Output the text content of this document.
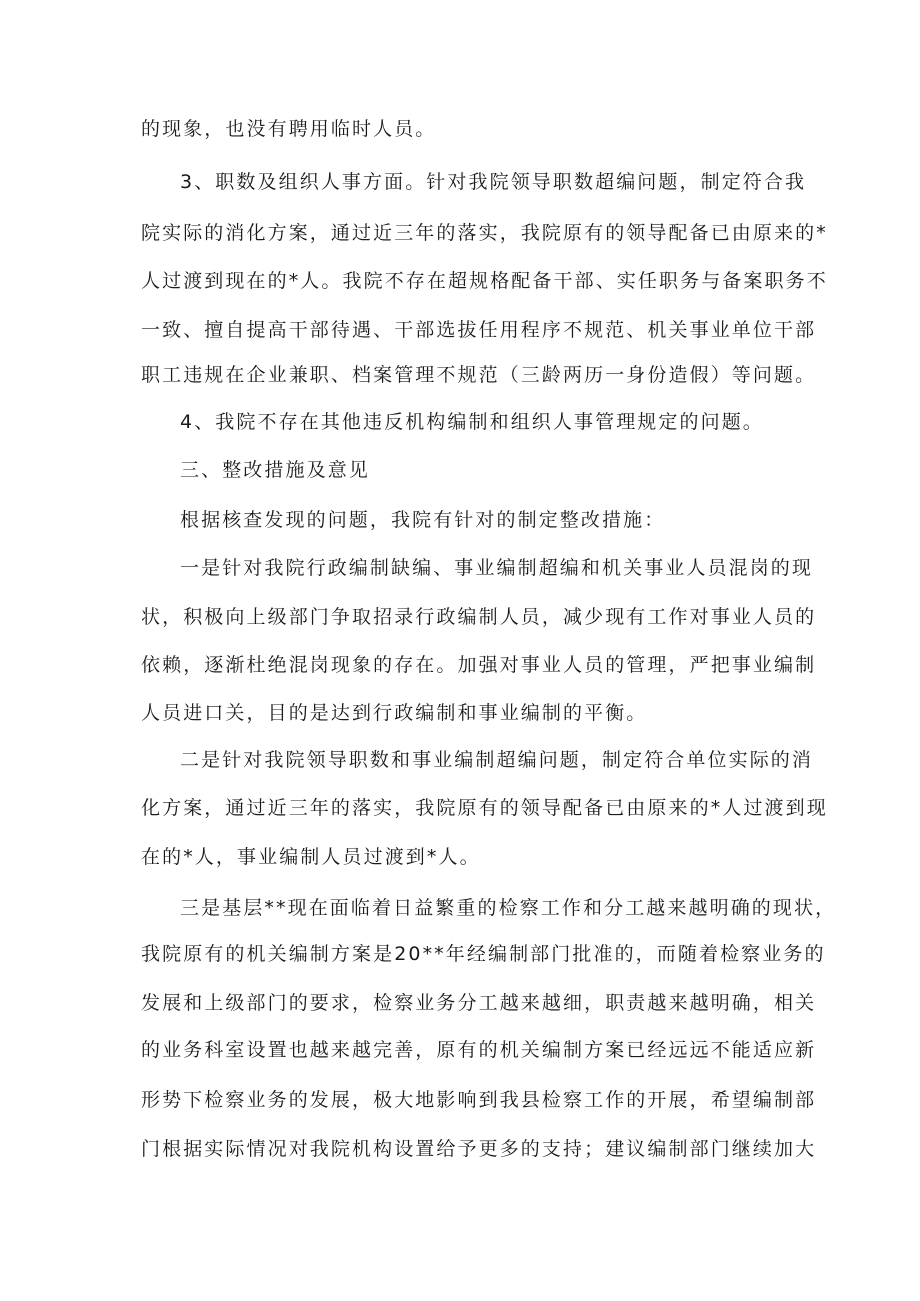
的现象，也没有聘用临时人员。
3、职数及组织人事方面。针对我院领导职数超编问题，制定符合我
院实际的消化方案，通过近三年的落实，我院原有的领导配备已由原来的*
人过渡到现在的*人。我院不存在超规格配备干部、实任职务与备案职务不
一致、擅自提高干部待遇、干部选拔任用程序不规范、机关事业单位干部
职工违规在企业兼职、档案管理不规范（三龄两历一身份造假）等问题。
4、我院不存在其他违反机构编制和组织人事管理规定的问题。
三、整改措施及意见
根据核查发现的问题，我院有针对的制定整改措施：
一是针对我院行政编制缺编、事业编制超编和机关事业人员混岗的现
状，积极向上级部门争取招录行政编制人员，减少现有工作对事业人员的
依赖，逐渐杜绝混岗现象的存在。加强对事业人员的管理，严把事业编制
人员进口关，目的是达到行政编制和事业编制的平衡。
二是针对我院领导职数和事业编制超编问题，制定符合单位实际的消
化方案，通过近三年的落实，我院原有的领导配备已由原来的*人过渡到现
在的*人，事业编制人员过渡到*人。
三是基层**现在面临着日益繁重的检察工作和分工越来越明确的现状，
我院原有的机关编制方案是20**年经编制部门批准的，而随着检察业务的
发展和上级部门的要求，检察业务分工越来越细，职责越来越明确，相关
的业务科室设置也越来越完善，原有的机关编制方案已经远远不能适应新
形势下检察业务的发展，极大地影响到我县检察工作的开展，希望编制部
门根据实际情况对我院机构设置给予更多的支持；建议编制部门继续加大
